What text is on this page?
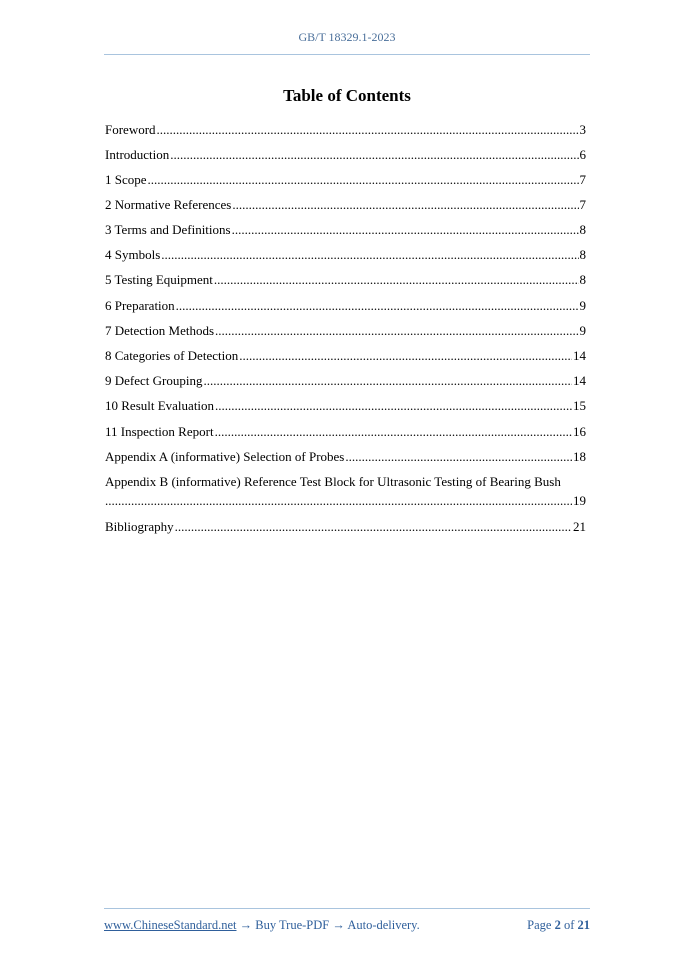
GB/T 18329.1-2023
Table of Contents
Foreword .....	3
Introduction .....	6
1 Scope .....	7
2 Normative References .....	7
3 Terms and Definitions .....	8
4 Symbols .....	8
5 Testing Equipment .....	8
6 Preparation .....	9
7 Detection Methods .....	9
8 Categories of Detection .....	14
9 Defect Grouping .....	14
10 Result Evaluation .....	15
11 Inspection Report .....	16
Appendix A (informative) Selection of Probes .....	18
Appendix B (informative) Reference Test Block for Ultrasonic Testing of Bearing Bush
.....
19
Bibliography .....	21
www.ChineseStandard.net → Buy True-PDF → Auto-delivery.	Page 2 of 21
